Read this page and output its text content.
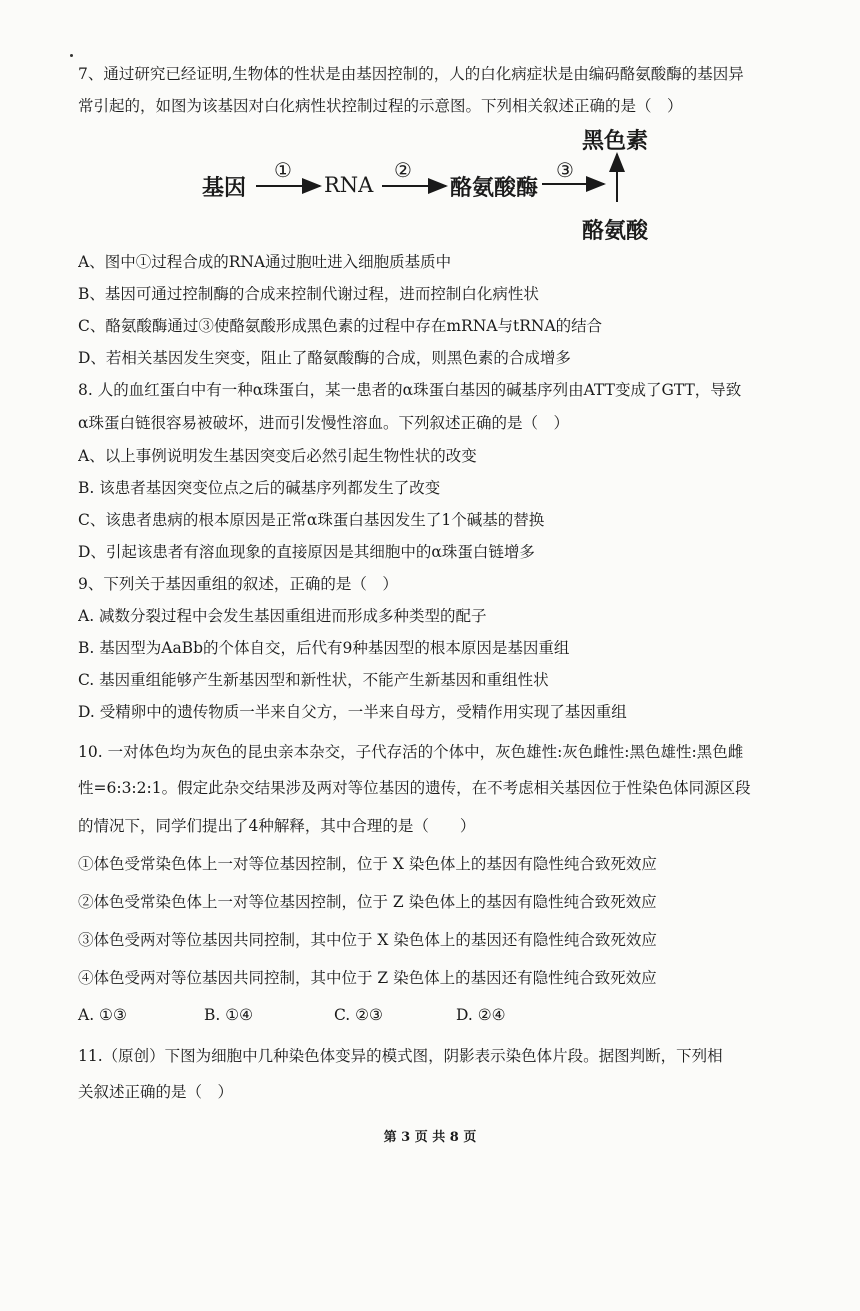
7、通过研究已经证明,生物体的性状是由基因控制的，人的白化病症状是由编码酪氨酸酶的基因异
常引起的，如图为该基因对白化病性状控制过程的示意图。下列相关叙述正确的是（　）
基因
①
RNA
②
酪氨酸酶
③
黑色素
酪氨酸
A、图中①过程合成的RNA通过胞吐进入细胞质基质中
B、基因可通过控制酶的合成来控制代谢过程，进而控制白化病性状
C、酪氨酸酶通过③使酪氨酸形成黑色素的过程中存在mRNA与tRNA的结合
D、若相关基因发生突变，阻止了酪氨酸酶的合成，则黑色素的合成增多
8. 人的血红蛋白中有一种α珠蛋白，某一患者的α珠蛋白基因的碱基序列由ATT变成了GTT，导致
α珠蛋白链很容易被破坏，进而引发慢性溶血。下列叙述正确的是（　）
A、以上事例说明发生基因突变后必然引起生物性状的改变
B. 该患者基因突变位点之后的碱基序列都发生了改变
C、该患者患病的根本原因是正常α珠蛋白基因发生了1个碱基的替换
D、引起该患者有溶血现象的直接原因是其细胞中的α珠蛋白链增多
9、下列关于基因重组的叙述，正确的是（　）
A. 减数分裂过程中会发生基因重组进而形成多种类型的配子
B. 基因型为AaBb的个体自交，后代有9种基因型的根本原因是基因重组
C. 基因重组能够产生新基因型和新性状，不能产生新基因和重组性状
D. 受精卵中的遗传物质一半来自父方，一半来自母方，受精作用实现了基因重组
10. 一对体色均为灰色的昆虫亲本杂交，子代存活的个体中，灰色雄性:灰色雌性:黑色雄性:黑色雌
性=6:3:2:1。假定此杂交结果涉及两对等位基因的遗传，在不考虑相关基因位于性染色体同源区段
的情况下，同学们提出了4种解释，其中合理的是（　　）
①体色受常染色体上一对等位基因控制，位于 X 染色体上的基因有隐性纯合致死效应
②体色受常染色体上一对等位基因控制，位于 Z 染色体上的基因有隐性纯合致死效应
③体色受两对等位基因共同控制，其中位于 X 染色体上的基因还有隐性纯合致死效应
④体色受两对等位基因共同控制，其中位于 Z 染色体上的基因还有隐性纯合致死效应
A. ①③	B. ①④	C. ②③	D. ②④
11.（原创）下图为细胞中几种染色体变异的模式图，阴影表示染色体片段。据图判断，下列相
关叙述正确的是（　）
第 3 页 共 8 页
